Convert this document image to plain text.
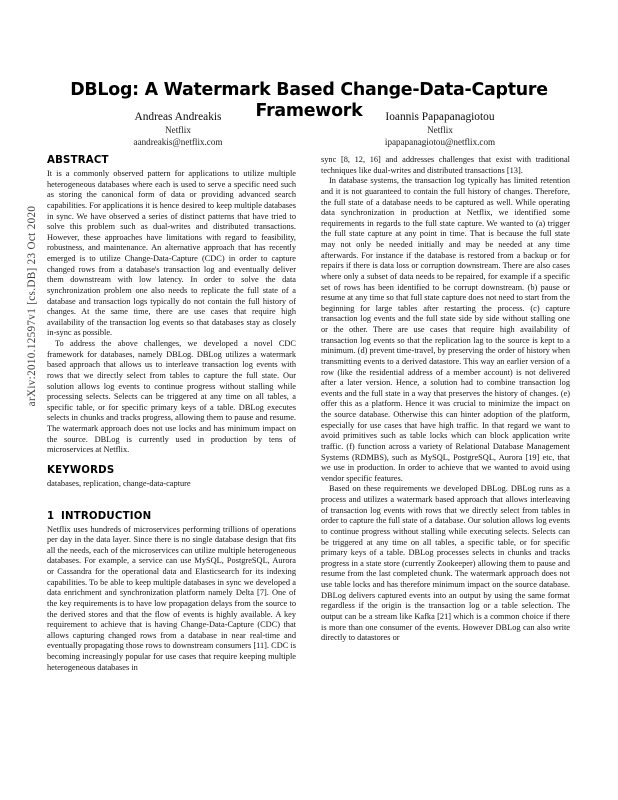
arXiv:2010.12597v1 [cs.DB] 23 Oct 2020
DBLog: A Watermark Based Change-Data-Capture Framework
Andreas Andreakis
Netflix
aandreakis@netflix.com
Ioannis Papapanagiotou
Netflix
ipapapanagiotou@netflix.com
ABSTRACT

It is a commonly observed pattern for applications to utilize multiple heterogeneous databases where each is used to serve a specific need such as storing the canonical form of data or providing advanced search capabilities. For applications it is hence desired to keep multiple databases in sync. We have observed a series of distinct patterns that have tried to solve this problem such as dual-writes and distributed transactions. However, these approaches have limitations with regard to feasibility, robustness, and maintenance. An alternative approach that has recently emerged is to utilize Change-Data-Capture (CDC) in order to capture changed rows from a database's transaction log and eventually deliver them downstream with low latency. In order to solve the data synchronization problem one also needs to replicate the full state of a database and transaction logs typically do not contain the full history of changes. At the same time, there are use cases that require high availability of the transaction log events so that databases stay as closely in-sync as possible.

To address the above challenges, we developed a novel CDC framework for databases, namely DBLog. DBLog utilizes a watermark based approach that allows us to interleave transaction log events with rows that we directly select from tables to capture the full state. Our solution allows log events to continue progress without stalling while processing selects. Selects can be triggered at any time on all tables, a specific table, or for specific primary keys of a table. DBLog executes selects in chunks and tracks progress, allowing them to pause and resume. The watermark approach does not use locks and has minimum impact on the source. DBLog is currently used in production by tens of microservices at Netflix.

KEYWORDS

databases, replication, change-data-capture

1 INTRODUCTION

Netflix uses hundreds of microservices performing trillions of operations per day in the data layer. Since there is no single database design that fits all the needs, each of the microservices can utilize multiple heterogeneous databases. For example, a service can use MySQL, PostgreSQL, Aurora or Cassandra for the operational data and Elasticsearch for its indexing capabilities. To be able to keep multiple databases in sync we developed a data enrichment and synchronization platform namely Delta [7]. One of the key requirements is to have low propagation delays from the source to the derived stores and that the flow of events is highly available. A key requirement to achieve that is having Change-Data-Capture (CDC) that allows capturing changed rows from a database in near real-time and eventually propagating those rows to downstream consumers [11]. CDC is becoming increasingly popular for use cases that require keeping multiple heterogeneous databases in

sync [8, 12, 16] and addresses challenges that exist with traditional techniques like dual-writes and distributed transactions [13].

In database systems, the transaction log typically has limited retention and it is not guaranteed to contain the full history of changes. Therefore, the full state of a database needs to be captured as well. While operating data synchronization in production at Netflix, we identified some requirements in regards to the full state capture. We wanted to (a) trigger the full state capture at any point in time. That is because the full state may not only be needed initially and may be needed at any time afterwards. For instance if the database is restored from a backup or for repairs if there is data loss or corruption downstream. There are also cases where only a subset of data needs to be repaired, for example if a specific set of rows has been identified to be corrupt downstream. (b) pause or resume at any time so that full state capture does not need to start from the beginning for large tables after restarting the process. (c) capture transaction log events and the full state side by side without stalling one or the other. There are use cases that require high availability of transaction log events so that the replication lag to the source is kept to a minimum. (d) prevent time-travel, by preserving the order of history when transmitting events to a derived datastore. This way an earlier version of a row (like the residential address of a member account) is not delivered after a later version. Hence, a solution had to combine transaction log events and the full state in a way that preserves the history of changes. (e) offer this as a platform. Hence it was crucial to minimize the impact on the source database. Otherwise this can hinter adoption of the platform, especially for use cases that have high traffic. In that regard we want to avoid primitives such as table locks which can block application write traffic. (f) function across a variety of Relational Database Management Systems (RDMBS), such as MySQL, PostgreSQL, Aurora [19] etc, that we use in production. In order to achieve that we wanted to avoid using vendor specific features.

Based on these requirements we developed DBLog. DBLog runs as a process and utilizes a watermark based approach that allows interleaving of transaction log events with rows that we directly select from tables in order to capture the full state of a database. Our solution allows log events to continue progress without stalling while executing selects. Selects can be triggered at any time on all tables, a specific table, or for specific primary keys of a table. DBLog processes selects in chunks and tracks progress in a state store (currently Zookeeper) allowing them to pause and resume from the last completed chunk. The watermark approach does not use table locks and has therefore minimum impact on the source database. DBLog delivers captured events into an output by using the same format regardless if the origin is the transaction log or a table selection. The output can be a stream like Kafka [21] which is a common choice if there is more than one consumer of the events. However DBLog can also write directly to datastores or
